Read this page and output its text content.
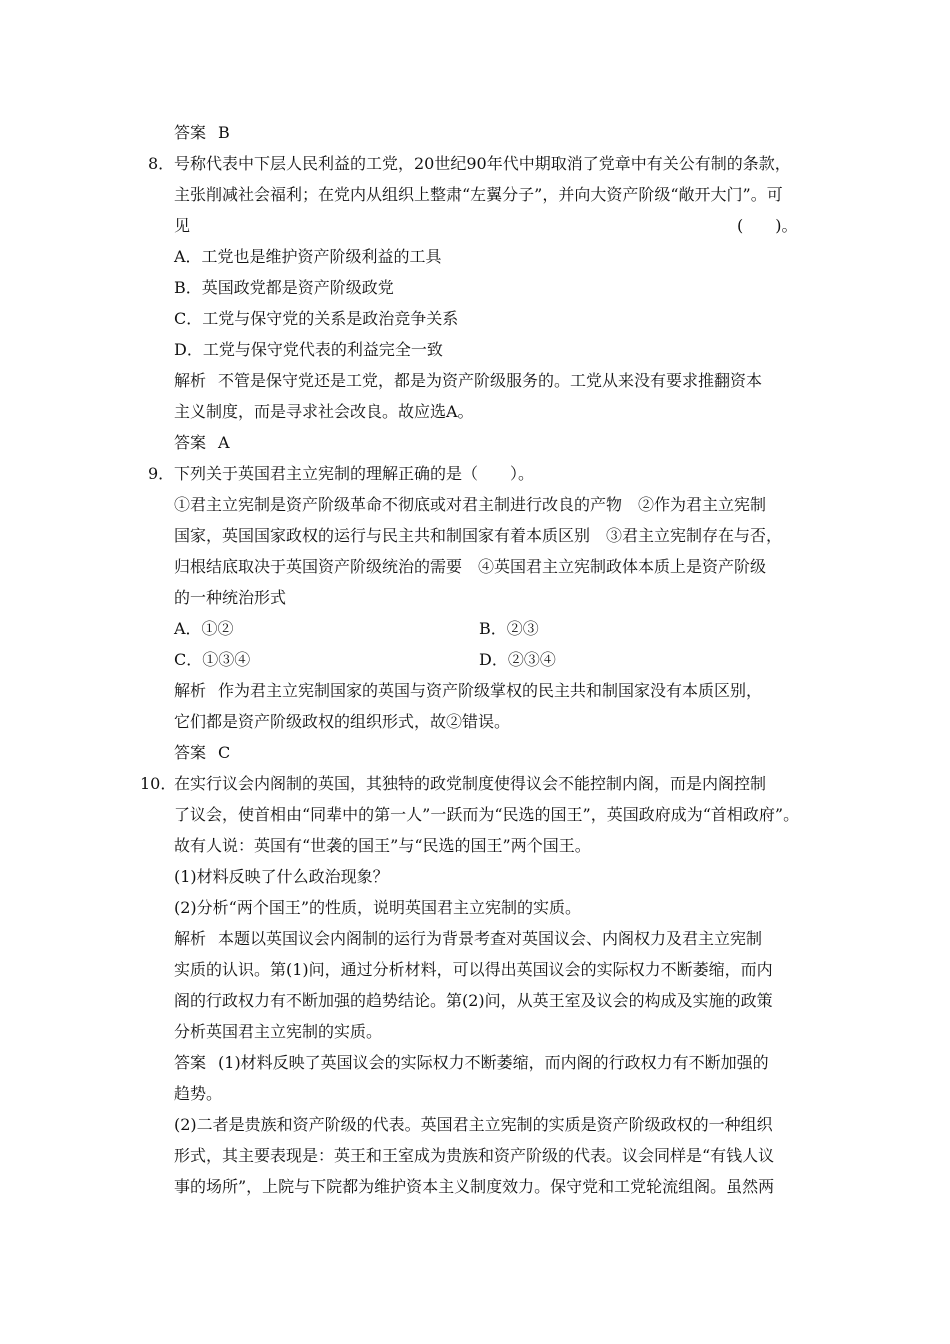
答案 B
8． 号称代表中下层人民利益的工党，20世纪90年代中期取消了党章中有关公有制的条款，
主张削减社会福利；在党内从组织上整肃“左翼分子”，并向大资产阶级“敞开大门”。可
见	(　　)。
A．工党也是维护资产阶级利益的工具
B．英国政党都是资产阶级政党
C．工党与保守党的关系是政治竞争关系
D．工党与保守党代表的利益完全一致
解析 不管是保守党还是工党，都是为资产阶级服务的。工党从来没有要求推翻资本
主义制度，而是寻求社会改良。故应选A。
答案 A
9． 下列关于英国君主立宪制的理解正确的是（　　）。
①君主立宪制是资产阶级革命不彻底或对君主制进行改良的产物　②作为君主立宪制
国家，英国国家政权的运行与民主共和制国家有着本质区别　③君主立宪制存在与否，
归根结底取决于英国资产阶级统治的需要　④英国君主立宪制政体本质上是资产阶级
的一种统治形式
A．①②	B．②③
C．①③④	D．②③④
解析 作为君主立宪制国家的英国与资产阶级掌权的民主共和制国家没有本质区别，
它们都是资产阶级政权的组织形式，故②错误。
答案 C
10．
在实行议会内阁制的英国，其独特的政党制度使得议会不能控制内阁，而是内阁控制
了议会，使首相由“同辈中的第一人”一跃而为“民选的国王”，英国政府成为“首相政府”。
故有人说：英国有“世袭的国王”与“民选的国王”两个国王。
(1)材料反映了什么政治现象？
(2)分析“两个国王”的性质，说明英国君主立宪制的实质。
解析 本题以英国议会内阁制的运行为背景考查对英国议会、内阁权力及君主立宪制
实质的认识。第(1)问，通过分析材料，可以得出英国议会的实际权力不断萎缩，而内
阁的行政权力有不断加强的趋势结论。第(2)问，从英王室及议会的构成及实施的政策
分析英国君主立宪制的实质。
答案 (1)材料反映了英国议会的实际权力不断萎缩，而内阁的行政权力有不断加强的
趋势。
(2)二者是贵族和资产阶级的代表。英国君主立宪制的实质是资产阶级政权的一种组织
形式，其主要表现是：英王和王室成为贵族和资产阶级的代表。议会同样是“有钱人议
事的场所”，上院与下院都为维护资本主义制度效力。保守党和工党轮流组阁。虽然两
